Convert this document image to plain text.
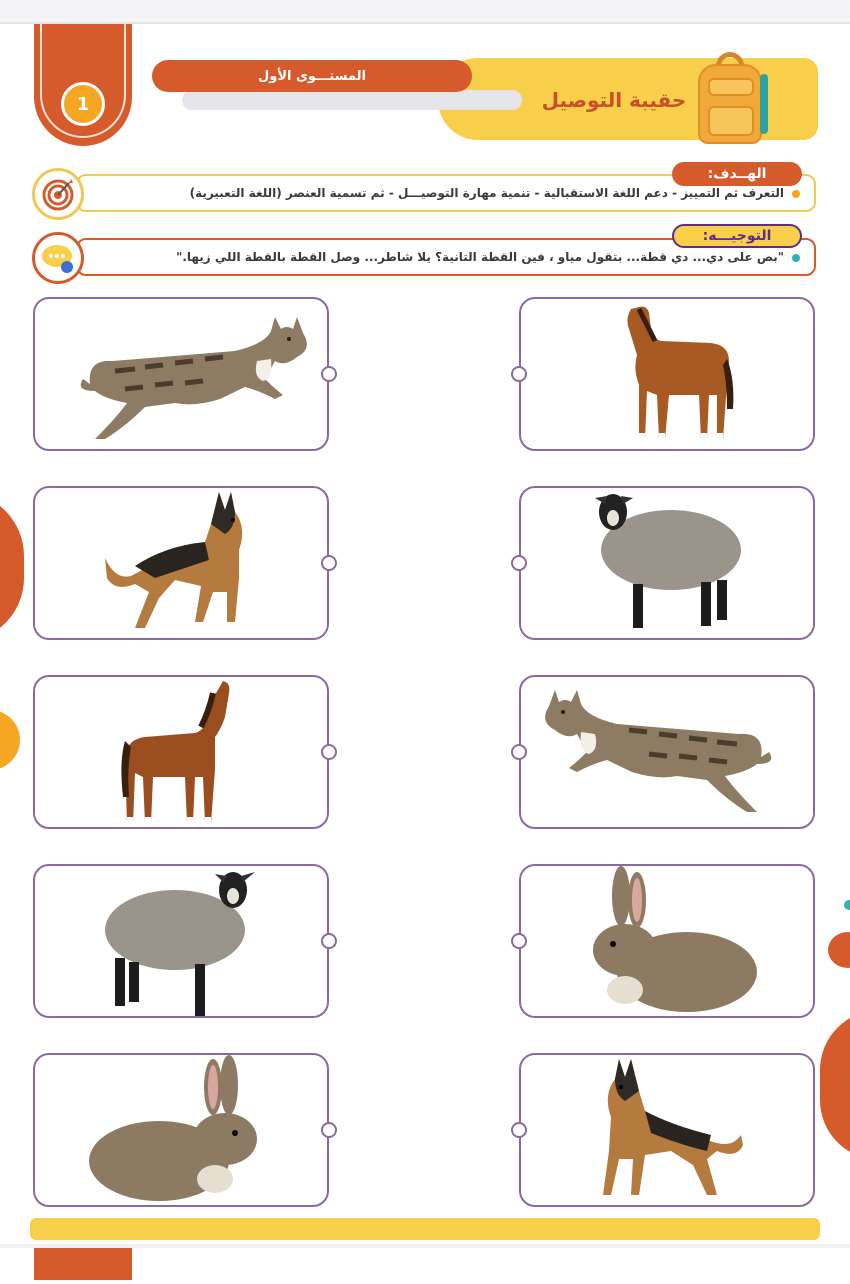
1
المستـــوى الأول
حقيبة التوصيل
التعرف ثم التمييز - دعم اللغة الاستقبالية - تنمية مهارة التوصيـــل - ثم تسمية العنصر (اللغة التعبيرية)
الهــدف:
"بص على دي... دي قطة... بتقول مياو ، فين القطة التانية؟ يلا شاطر... وصل القطة بالقطة اللي زيها."
التوجيـــه:
